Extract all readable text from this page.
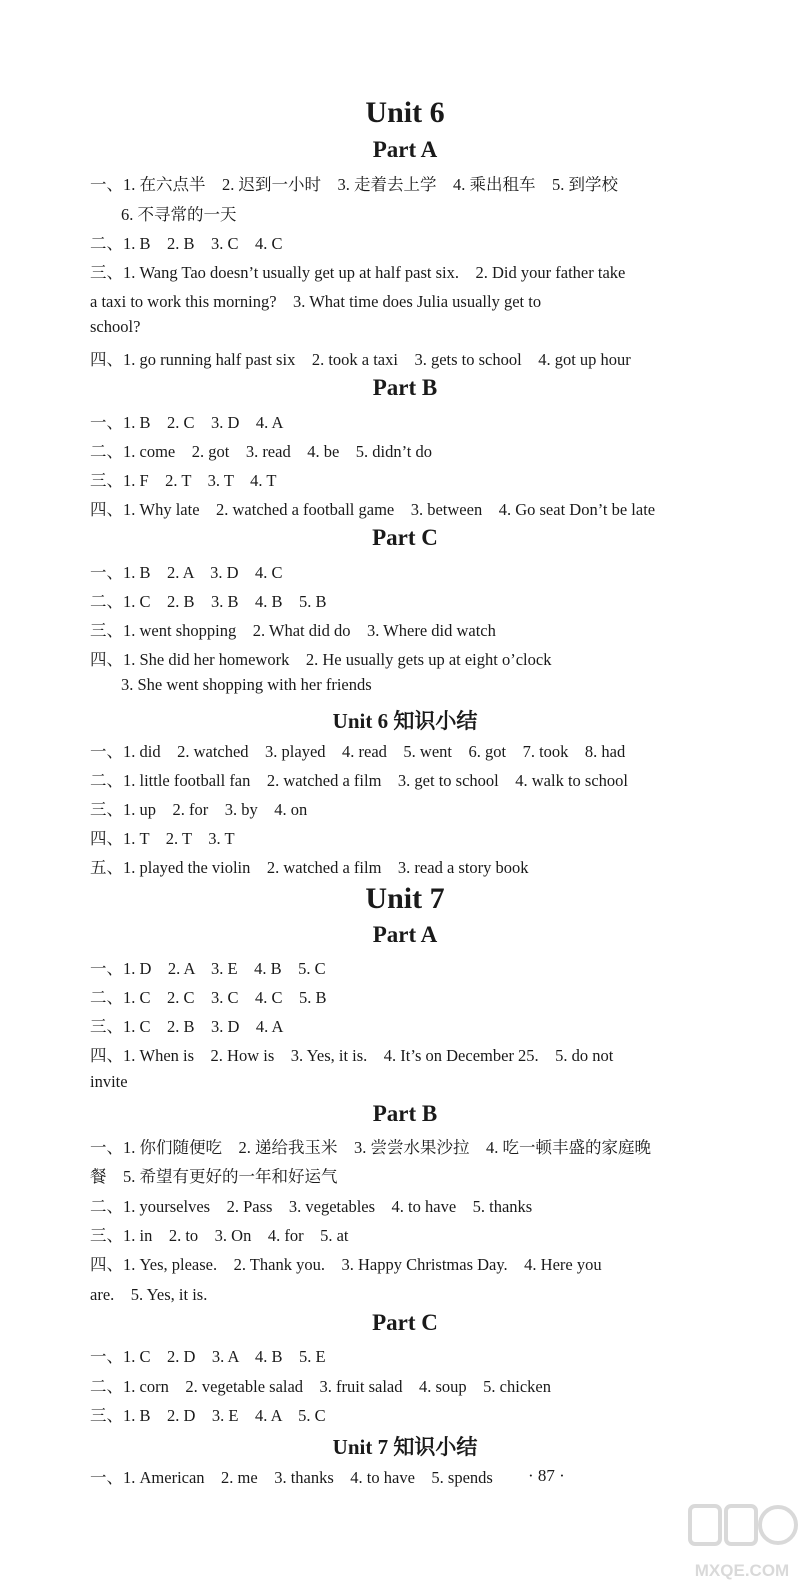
Unit 6
Part A
一、1. 在六点半　2. 迟到一小时　3. 走着去上学　4. 乘出租车　5. 到学校
6. 不寻常的一天
二、1. B　2. B　3. C　4. C
三、1. Wang Tao doesn’t usually get up at half past six.　2. Did your father take
a taxi to work this morning?　3. What time does Julia usually get to
school?
四、1. go running half past six　2. took a taxi　3. gets to school　4. got up hour
Part B
一、1. B　2. C　3. D　4. A
二、1. come　2. got　3. read　4. be　5. didn’t do
三、1. F　2. T　3. T　4. T
四、1. Why late　2. watched a football game　3. between　4. Go seat Don’t be late
Part C
一、1. B　2. A　3. D　4. C
二、1. C　2. B　3. B　4. B　5. B
三、1. went shopping　2. What did do　3. Where did watch
四、1. She did her homework　2. He usually gets up at eight o’clock
3. She went shopping with her friends
Unit 6 知识小结
一、1. did　2. watched　3. played　4. read　5. went　6. got　7. took　8. had
二、1. little football fan　2. watched a film　3. get to school　4. walk to school
三、1. up　2. for　3. by　4. on
四、1. T　2. T　3. T
五、1. played the violin　2. watched a film　3. read a story book
Unit 7
Part A
一、1. D　2. A　3. E　4. B　5. C
二、1. C　2. C　3. C　4. C　5. B
三、1. C　2. B　3. D　4. A
四、1. When is　2. How is　3. Yes, it is.　4. It’s on December 25.　5. do not
invite
Part B
一、1. 你们随便吃　2. 递给我玉米　3. 尝尝水果沙拉　4. 吃一顿丰盛的家庭晚
餐　5. 希望有更好的一年和好运气
二、1. yourselves　2. Pass　3. vegetables　4. to have　5. thanks
三、1. in　2. to　3. On　4. for　5. at
四、1. Yes, please.　2. Thank you.　3. Happy Christmas Day.　4. Here you
are.　5. Yes, it is.
Part C
一、1. C　2. D　3. A　4. B　5. E
二、1. corn　2. vegetable salad　3. fruit salad　4. soup　5. chicken
三、1. B　2. D　3. E　4. A　5. C
Unit 7 知识小结
一、1. American　2. me　3. thanks　4. to have　5. spends	· 87 ·
MXQE.COM
